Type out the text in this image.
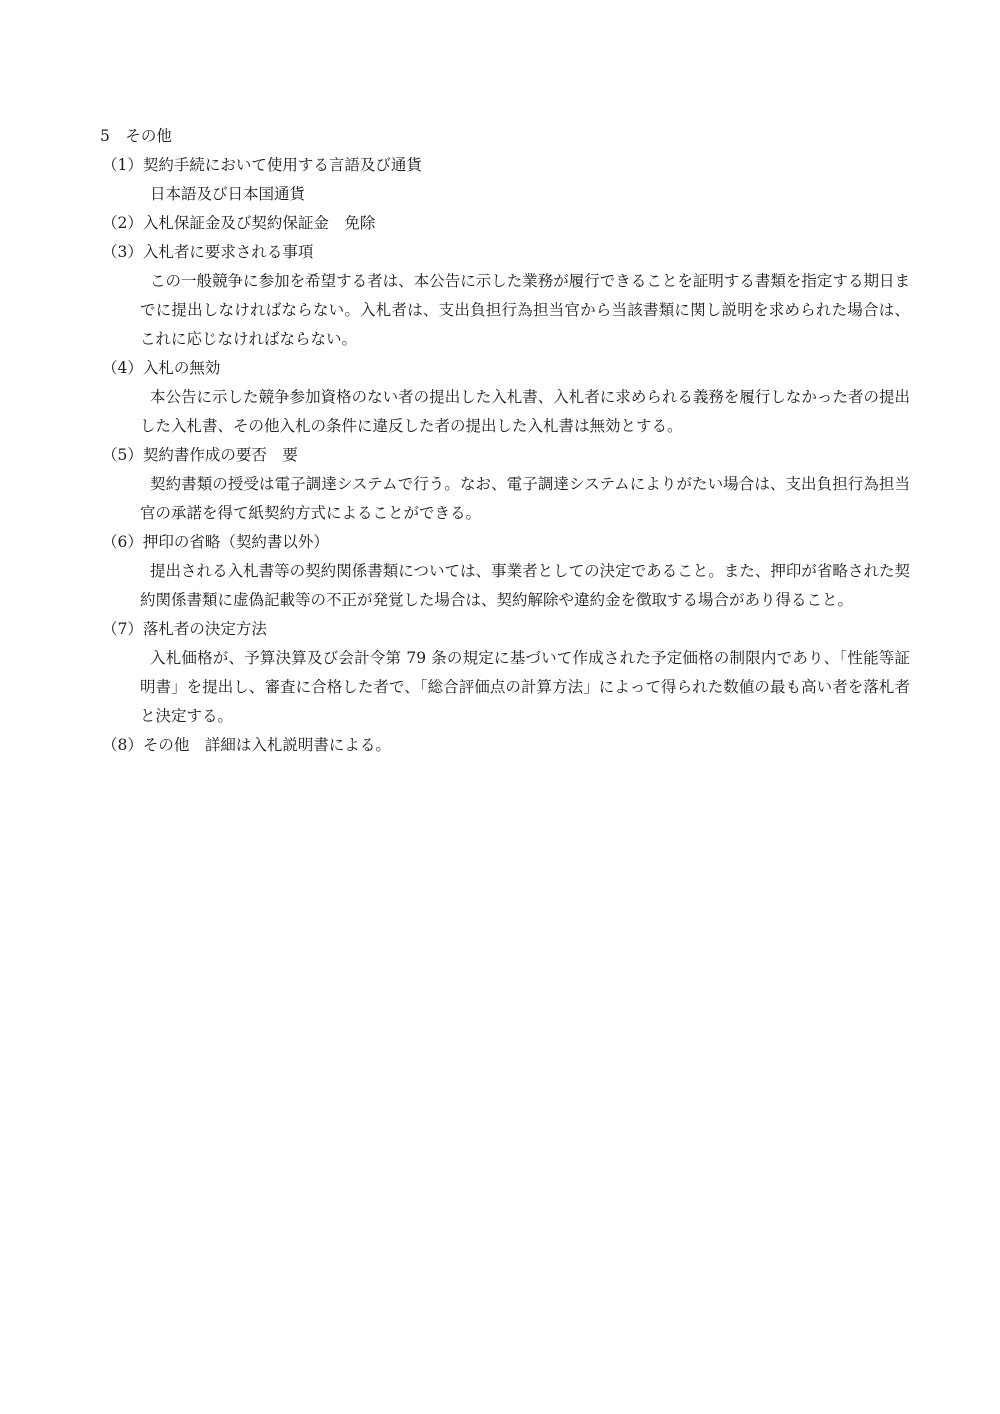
5　その他

（1）契約手続において使用する言語及び通貨
日本語及び日本国通貨
（2）入札保証金及び契約保証金　免除
（3）入札者に要求される事項
この一般競争に参加を希望する者は、本公告に示した業務が履行できることを証明する書類を指定する期日までに提出しなければならない。入札者は、支出負担行為担当官から当該書類に関し説明を求められた場合は、これに応じなければならない。
（4）入札の無効
本公告に示した競争参加資格のない者の提出した入札書、入札者に求められる義務を履行しなかった者の提出した入札書、その他入札の条件に違反した者の提出した入札書は無効とする。
（5）契約書作成の要否　要
契約書類の授受は電子調達システムで行う。なお、電子調達システムによりがたい場合は、支出負担行為担当官の承諾を得て紙契約方式によることができる。
（6）押印の省略（契約書以外）
提出される入札書等の契約関係書類については、事業者としての決定であること。また、押印が省略された契約関係書類に虚偽記載等の不正が発覚した場合は、契約解除や違約金を徴取する場合があり得ること。
（7）落札者の決定方法
入札価格が、予算決算及び会計令第 79 条の規定に基づいて作成された予定価格の制限内であり、「性能等証明書」を提出し、審査に合格した者で、「総合評価点の計算方法」によって得られた数値の最も高い者を落札者と決定する。
（8）その他　詳細は入札説明書による。
